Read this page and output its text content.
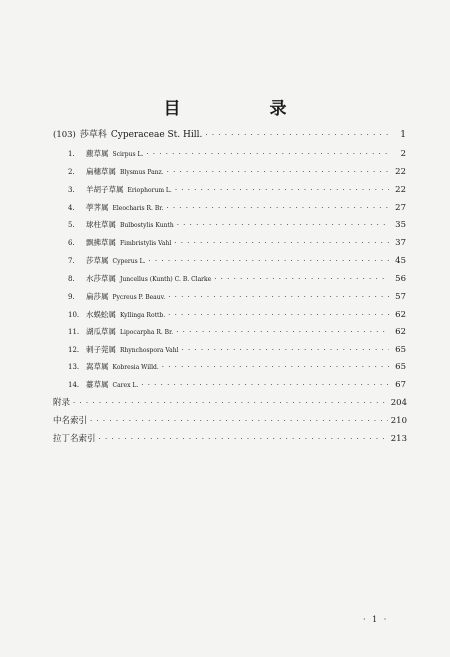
目　录
(103) 莎草科 Cyperaceae St. Hill. · · ·	1
1.	藨草属 Scirpus L. · · ·	2
2.	扁穗草属 Blysmus Panz. · · ·	22
3.	羊胡子草属 Eriophorum L. · · ·	22
4.	荸荠属 Eleocharis R. Br. · · ·	27
5.	球柱草属 Bulbostylis Kunth · · ·	35
6.	飘拂草属 Fimbristylis Vahl · · ·	37
7.	莎草属 Cyperus L. · · ·	45
8.	水莎草属 Juncellus (Kunth) C. B. Clarke · · ·	56
9.	扁莎属 Pycreus P. Beauv. · · ·	57
10. 水蜈蚣属 Kyllinga Rottb. · · ·	62
11. 湖瓜草属 Lipocarpha R. Br. · · ·	62
12. 刺子莞属 Rhynchospora Vahl · · ·	65
13. 嵩草属 Kobresia Willd. · · ·	65
14. 薹草属 Carex L. · · ·	67
附录 · · ·	204
中名索引 · · ·	210
拉丁名索引 · · ·	213
· 1 ·
